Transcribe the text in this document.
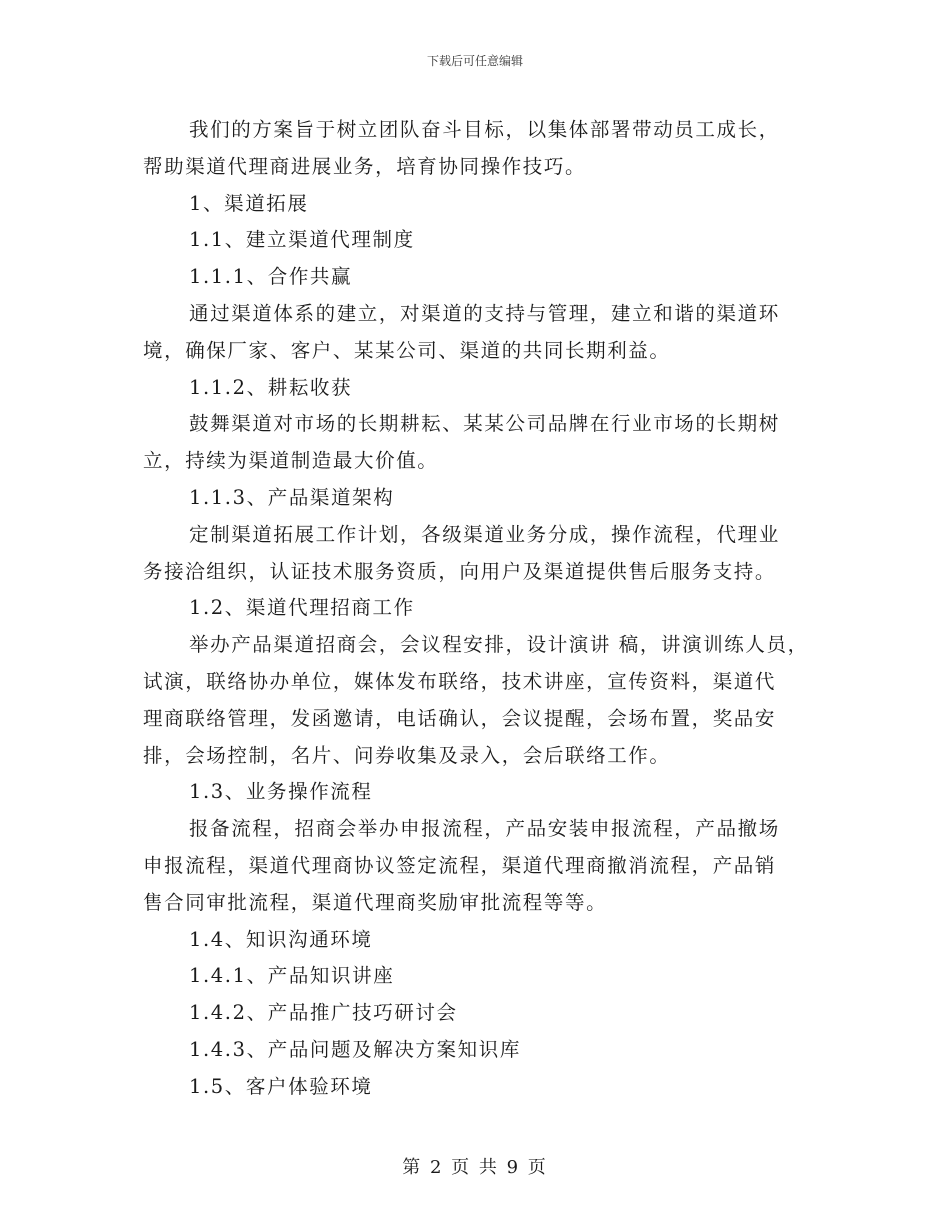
下载后可任意编辑
我们的方案旨于树立团队奋斗目标，以集体部署带动员工成长，
帮助渠道代理商进展业务，培育协同操作技巧。
1、渠道拓展
1.1、建立渠道代理制度
1.1.1、合作共赢
通过渠道体系的建立，对渠道的支持与管理，建立和谐的渠道环
境，确保厂家、客户、某某公司、渠道的共同长期利益。
1.1.2、耕耘收获
鼓舞渠道对市场的长期耕耘、某某公司品牌在行业市场的长期树
立，持续为渠道制造最大价值。
1.1.3、产品渠道架构
定制渠道拓展工作计划，各级渠道业务分成，操作流程，代理业
务接洽组织，认证技术服务资质，向用户及渠道提供售后服务支持。
1.2、渠道代理招商工作
举办产品渠道招商会，会议程安排，设计演讲 稿，讲演训练人员，
试演，联络协办单位，媒体发布联络，技术讲座，宣传资料，渠道代
理商联络管理，发函邀请，电话确认，会议提醒，会场布置，奖品安
排，会场控制，名片、问券收集及录入，会后联络工作。
1.3、业务操作流程
报备流程，招商会举办申报流程，产品安装申报流程，产品撤场
申报流程，渠道代理商协议签定流程，渠道代理商撤消流程，产品销
售合同审批流程，渠道代理商奖励审批流程等等。
1.4、知识沟通环境
1.4.1、产品知识讲座
1.4.2、产品推广技巧研讨会
1.4.3、产品问题及解决方案知识库
1.5、客户体验环境
第 2 页 共 9 页
